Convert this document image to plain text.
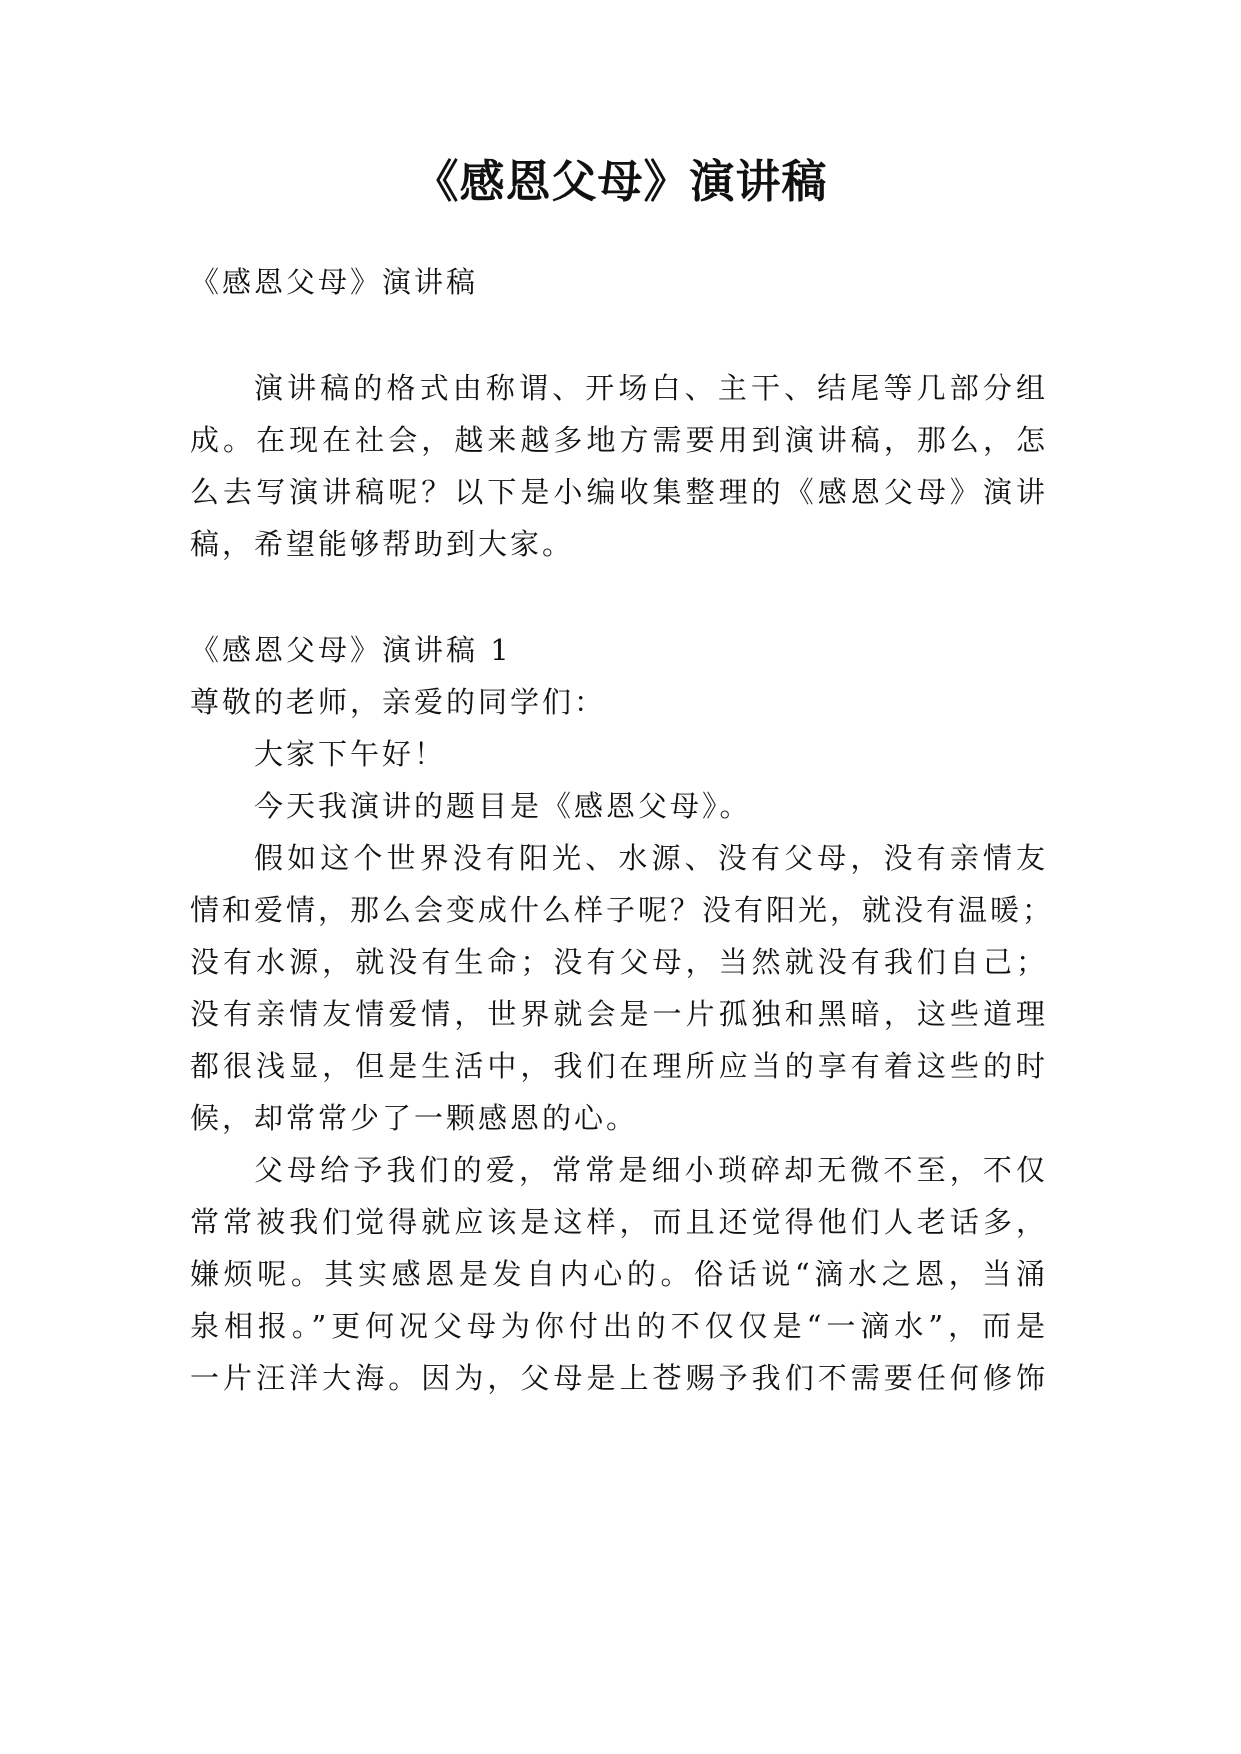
《感恩父母》演讲稿

《感恩父母》演讲稿

演讲稿的格式由称谓、开场白、主干、结尾等几部分组

成。在现在社会，越来越多地方需要用到演讲稿，那么，怎

么去写演讲稿呢？以下是小编收集整理的《感恩父母》演讲

稿，希望能够帮助到大家。

《感恩父母》演讲稿 1

尊敬的老师，亲爱的同学们：

大家下午好！

今天我演讲的题目是《感恩父母》。

假如这个世界没有阳光、水源、没有父母，没有亲情友

情和爱情，那么会变成什么样子呢？没有阳光，就没有温暖；

没有水源，就没有生命；没有父母，当然就没有我们自己；

没有亲情友情爱情，世界就会是一片孤独和黑暗，这些道理

都很浅显，但是生活中，我们在理所应当的享有着这些的时

候，却常常少了一颗感恩的心。

父母给予我们的爱，常常是细小琐碎却无微不至，不仅

常常被我们觉得就应该是这样，而且还觉得他们人老话多，

嫌烦呢。其实感恩是发自内心的。俗话说“滴水之恩，当涌

泉相报。”更何况父母为你付出的不仅仅是“一滴水”，而是

一片汪洋大海。因为，父母是上苍赐予我们不需要任何修饰
